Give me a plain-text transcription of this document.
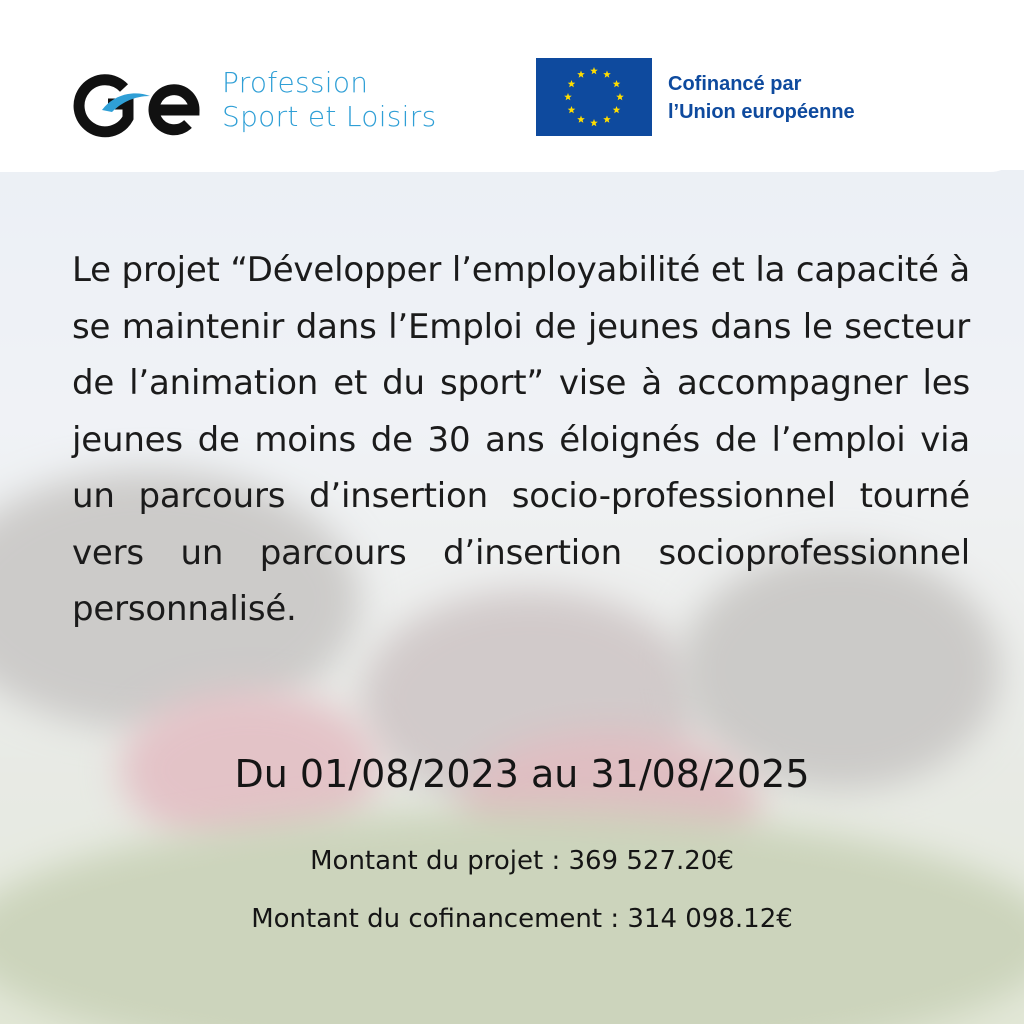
Ge	Profession
Sport et Loisirs
Cofinancé par
l’Union européenne
Le projet “Développer l’employabilité et la capacité à se maintenir dans l’Emploi de jeunes dans le secteur de l’animation et du sport” vise à accompagner les jeunes de moins de 30 ans éloignés de l’emploi via un parcours d’insertion socio-professionnel tourné vers un parcours d’insertion socioprofessionnel personnalisé.
Du 01/08/2023 au 31/08/2025
Montant du projet : 369 527.20€
Montant du cofinancement : 314 098.12€
